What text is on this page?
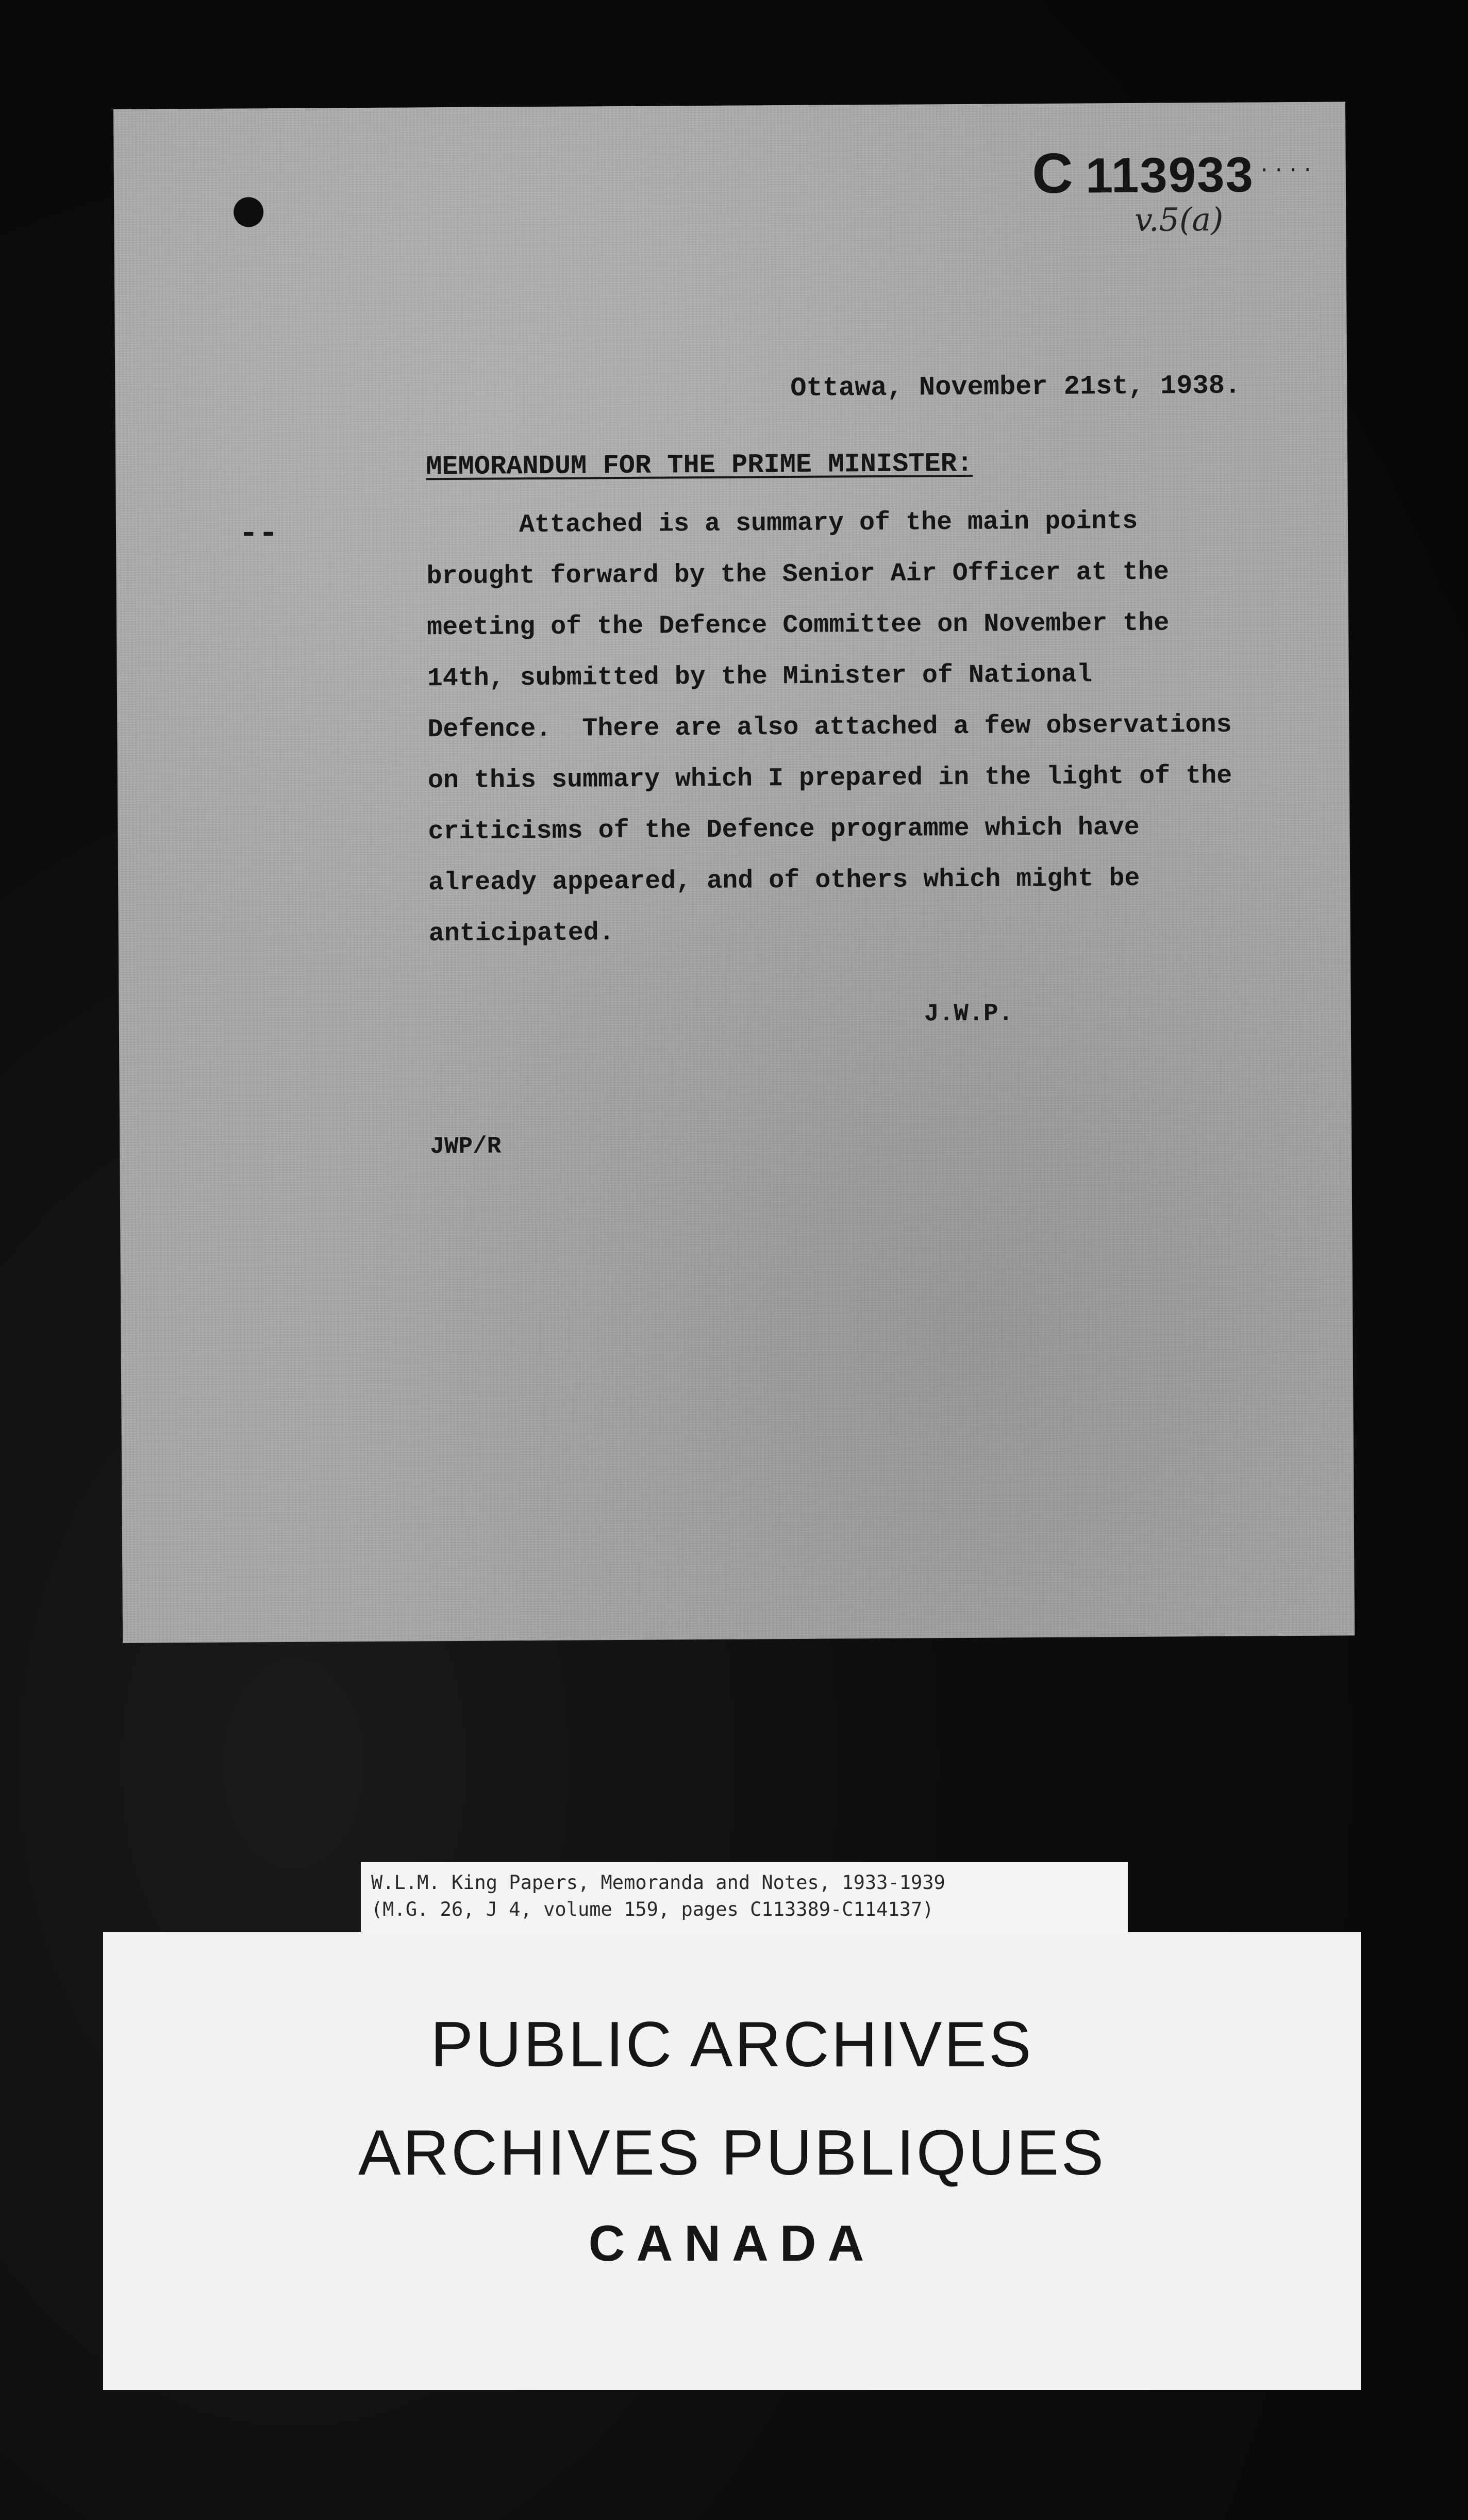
C 113933 ....
v.5(a)
--
Ottawa, November 21st, 1938.
MEMORANDUM FOR THE PRIME MINISTER:
Attached is a summary of the main points
brought forward by the Senior Air Officer at the
meeting of the Defence Committee on November the
14th, submitted by the Minister of National
Defence.  There are also attached a few observations
on this summary which I prepared in the light of the
criticisms of the Defence programme which have
already appeared, and of others which might be
anticipated.
J.W.P.
JWP/R
W.L.M. King Papers, Memoranda and Notes, 1933-1939
(M.G. 26, J 4, volume 159, pages C113389-C114137)
PUBLIC ARCHIVES
ARCHIVES PUBLIQUES
CANADA
